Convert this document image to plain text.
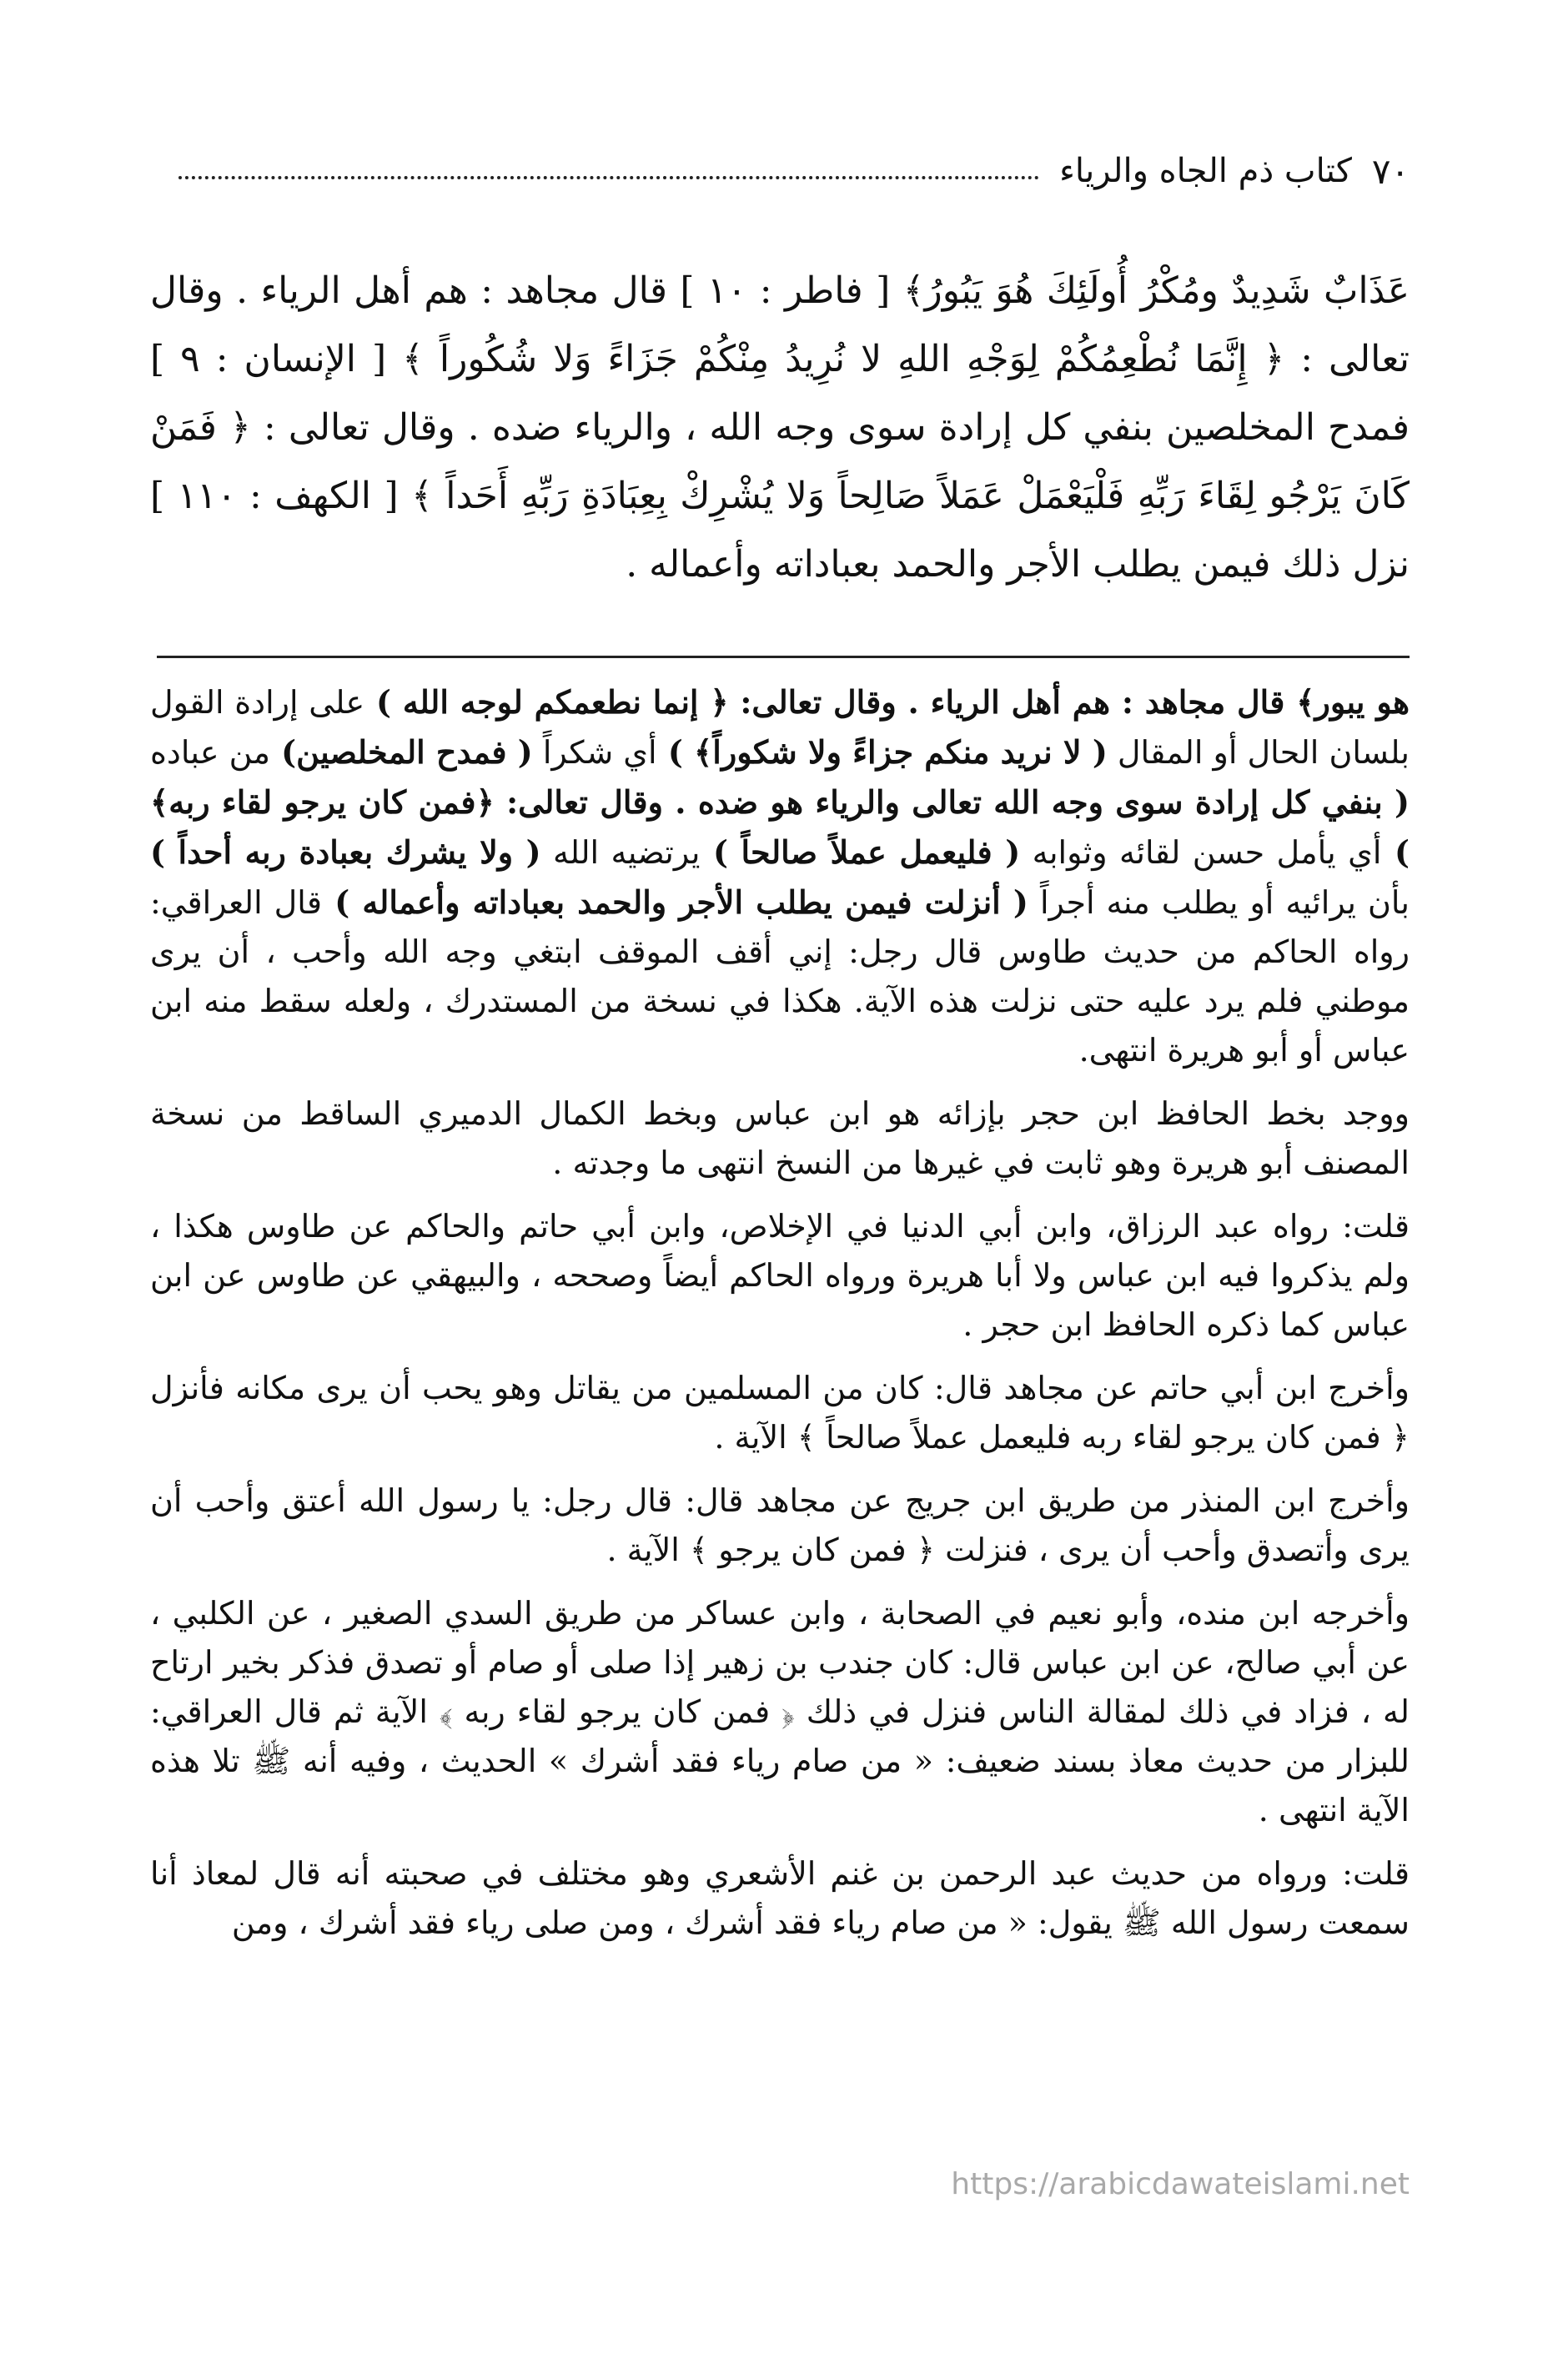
٧٠
كتاب ذم الجاه والرياء

عَذَابٌ شَدِيدٌ ومُكْرُ أُولَئِكَ هُوَ يَبُورُ﴾ [ فاطر : ١٠ ] قال مجاهد : هم أهل الرياء . وقال تعالى : ﴿ إِنَّمَا نُطْعِمُكُمْ لِوَجْهِ اللهِ لا نُرِيدُ مِنْكُمْ جَزَاءً وَلا شُكُوراً ﴾ [ الإنسان : ٩ ] فمدح المخلصين بنفي كل إرادة سوى وجه الله ، والرياء ضده . وقال تعالى : ﴿ فَمَنْ كَانَ يَرْجُو لِقَاءَ رَبِّهِ فَلْيَعْمَلْ عَمَلاً صَالِحاً وَلا يُشْرِكْ بِعِبَادَةِ رَبِّهِ أَحَداً ﴾ [ الكهف : ١١٠ ] نزل ذلك فيمن يطلب الأجر والحمد بعباداته وأعماله .

هو يبور﴾ قال مجاهد : هم أهل الرياء . وقال تعالى: ﴿ إنما نطعمكم لوجه الله ) على إرادة القول بلسان الحال أو المقال ( لا نريد منكم جزاءً ولا شكوراً﴾ ) أي شكراً ( فمدح المخلصين) من عباده ( بنفي كل إرادة سوى وجه الله تعالى والرياء هو ضده . وقال تعالى: ﴿فمن كان يرجو لقاء ربه﴾ ) أي يأمل حسن لقائه وثوابه ( فليعمل عملاً صالحاً ) يرتضيه الله ( ولا يشرك بعبادة ربه أحداً ) بأن يرائيه أو يطلب منه أجراً ( أنزلت فيمن يطلب الأجر والحمد بعباداته وأعماله ) قال العراقي: رواه الحاكم من حديث طاوس قال رجل: إني أقف الموقف ابتغي وجه الله وأحب ، أن يرى موطني فلم يرد عليه حتى نزلت هذه الآية. هكذا في نسخة من المستدرك ، ولعله سقط منه ابن عباس أو أبو هريرة انتهى.

ووجد بخط الحافظ ابن حجر بإزائه هو ابن عباس وبخط الكمال الدميري الساقط من نسخة المصنف أبو هريرة وهو ثابت في غيرها من النسخ انتهى ما وجدته .

قلت: رواه عبد الرزاق، وابن أبي الدنيا في الإخلاص، وابن أبي حاتم والحاكم عن طاوس هكذا ، ولم يذكروا فيه ابن عباس ولا أبا هريرة ورواه الحاكم أيضاً وصححه ، والبيهقي عن طاوس عن ابن عباس كما ذكره الحافظ ابن حجر .

وأخرج ابن أبي حاتم عن مجاهد قال: كان من المسلمين من يقاتل وهو يحب أن يرى مكانه فأنزل ﴿ فمن كان يرجو لقاء ربه فليعمل عملاً صالحاً ﴾ الآية .

وأخرج ابن المنذر من طريق ابن جريج عن مجاهد قال: قال رجل: يا رسول الله أعتق وأحب أن يرى وأتصدق وأحب أن يرى ، فنزلت ﴿ فمن كان يرجو ﴾ الآية .

وأخرجه ابن منده، وأبو نعيم في الصحابة ، وابن عساكر من طريق السدي الصغير ، عن الكلبي ، عن أبي صالح، عن ابن عباس قال: كان جندب بن زهير إذا صلى أو صام أو تصدق فذكر بخير ارتاح له ، فزاد في ذلك لمقالة الناس فنزل في ذلك ﴿ فمن كان يرجو لقاء ربه ﴾ الآية ثم قال العراقي: للبزار من حديث معاذ بسند ضعيف: « من صام رياء فقد أشرك » الحديث ، وفيه أنه ﷺ تلا هذه الآية انتهى .

قلت: ورواه من حديث عبد الرحمن بن غنم الأشعري وهو مختلف في صحبته أنه قال لمعاذ أنا سمعت رسول الله ﷺ يقول: « من صام رياء فقد أشرك ، ومن صلى رياء فقد أشرك ، ومن

https://arabicdawateislami.net
